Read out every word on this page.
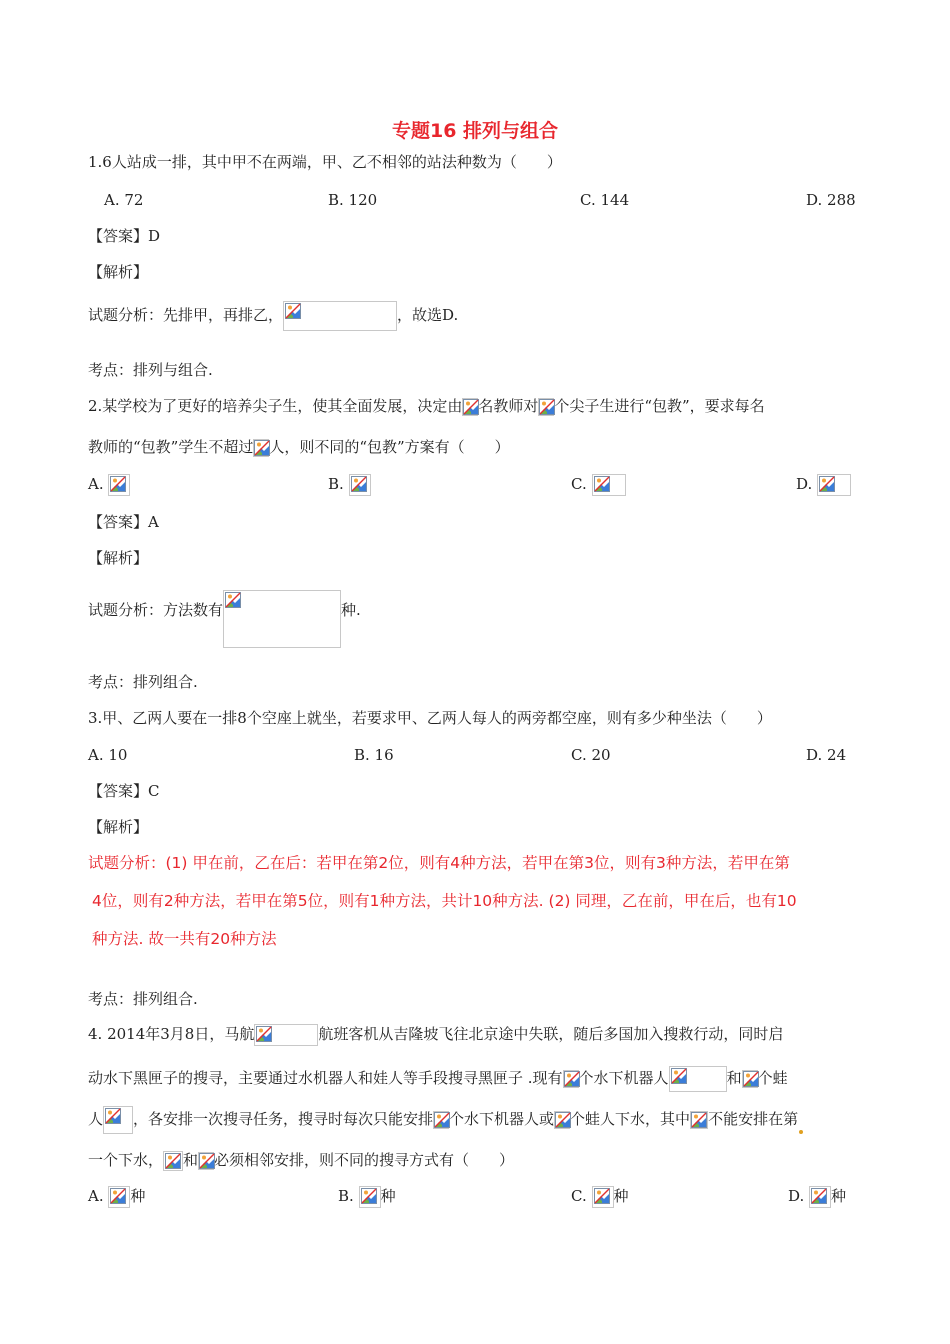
专题16 排列与组合
1.6人站成一排，其中甲不在两端，甲、乙不相邻的站法种数为（　　）
A. 72	B. 120	C. 144	D. 288
【答案】D
【解析】
试题分析：先排甲，再排乙，	，故选D.
考点：排列与组合.
2.某学校为了更好的培养尖子生，使其全面发展，决定由 名教师对 个尖子生进行“包教”，要求每名
教师的“包教”学生不超过 人，则不同的“包教”方案有（　　）
A.	B.	C.	D.
【答案】A
【解析】
试题分析：方法数有	种.
考点：排列组合.
3.甲、乙两人要在一排8个空座上就坐，若要求甲、乙两人每人的两旁都空座，则有多少种坐法（　　）
A. 10	B. 16	C. 20	D. 24
【答案】C
【解析】
试题分析：(1) 甲在前，乙在后：若甲在第2位，则有4种方法，若甲在第3位，则有3种方法，若甲在第
4位，则有2种方法，若甲在第5位，则有1种方法，共计10种方法. (2) 同理，乙在前，甲在后，也有10
种方法. 故一共有20种方法
考点：排列组合.
4. 2014年3月8日，马航	航班客机从吉隆坡飞往北京途中失联，随后多国加入搜救行动，同时启
动水下黑匣子的搜寻，主要通过水机器人和娃人等手段搜寻黑匣子 .现有 个水下机器人	和 个蛙
人 ，各安排一次搜寻任务，搜寻时每次只能安排 个水下机器人或 个蛙人下水，其中 不能安排在第
一个下水， 和 必须相邻安排，则不同的搜寻方式有（　　）
A. 种	B. 种	C. 种	D. 种
